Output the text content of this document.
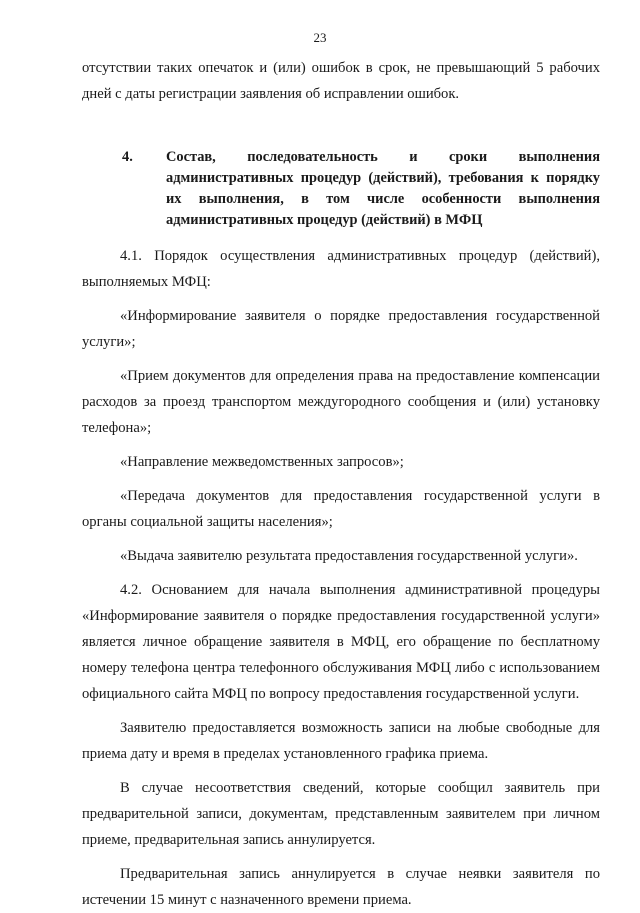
23

отсутствии таких опечаток и (или) ошибок в срок, не превышающий 5 рабочих дней с даты регистрации заявления об исправлении ошибок.

4.	Состав, последовательность и сроки выполнения административных процедур (действий), требования к порядку их выполнения, в том числе особенности выполнения административных процедур (действий) в МФЦ

4.1. Порядок осуществления административных процедур (действий), выполняемых МФЦ:

«Информирование заявителя о порядке предоставления государственной услуги»;

«Прием документов для определения права на предоставление компенсации расходов за проезд транспортом междугородного сообщения и (или) установку телефона»;

«Направление межведомственных запросов»;

«Передача документов для предоставления государственной услуги в органы социальной защиты населения»;

«Выдача заявителю результата предоставления государственной услуги».

4.2. Основанием для начала выполнения административной процедуры «Информирование заявителя о порядке предоставления государственной услуги» является личное обращение заявителя в МФЦ, его обращение по бесплатному номеру телефона центра телефонного обслуживания МФЦ либо с использованием официального сайта МФЦ по вопросу предоставления государственной услуги.

Заявителю предоставляется возможность записи на любые свободные для приема дату и время в пределах установленного графика приема.

В случае несоответствия сведений, которые сообщил заявитель при предварительной записи, документам, представленным заявителем при личном приеме, предварительная запись аннулируется.

Предварительная запись аннулируется в случае неявки заявителя по истечении 15 минут с назначенного времени приема.
